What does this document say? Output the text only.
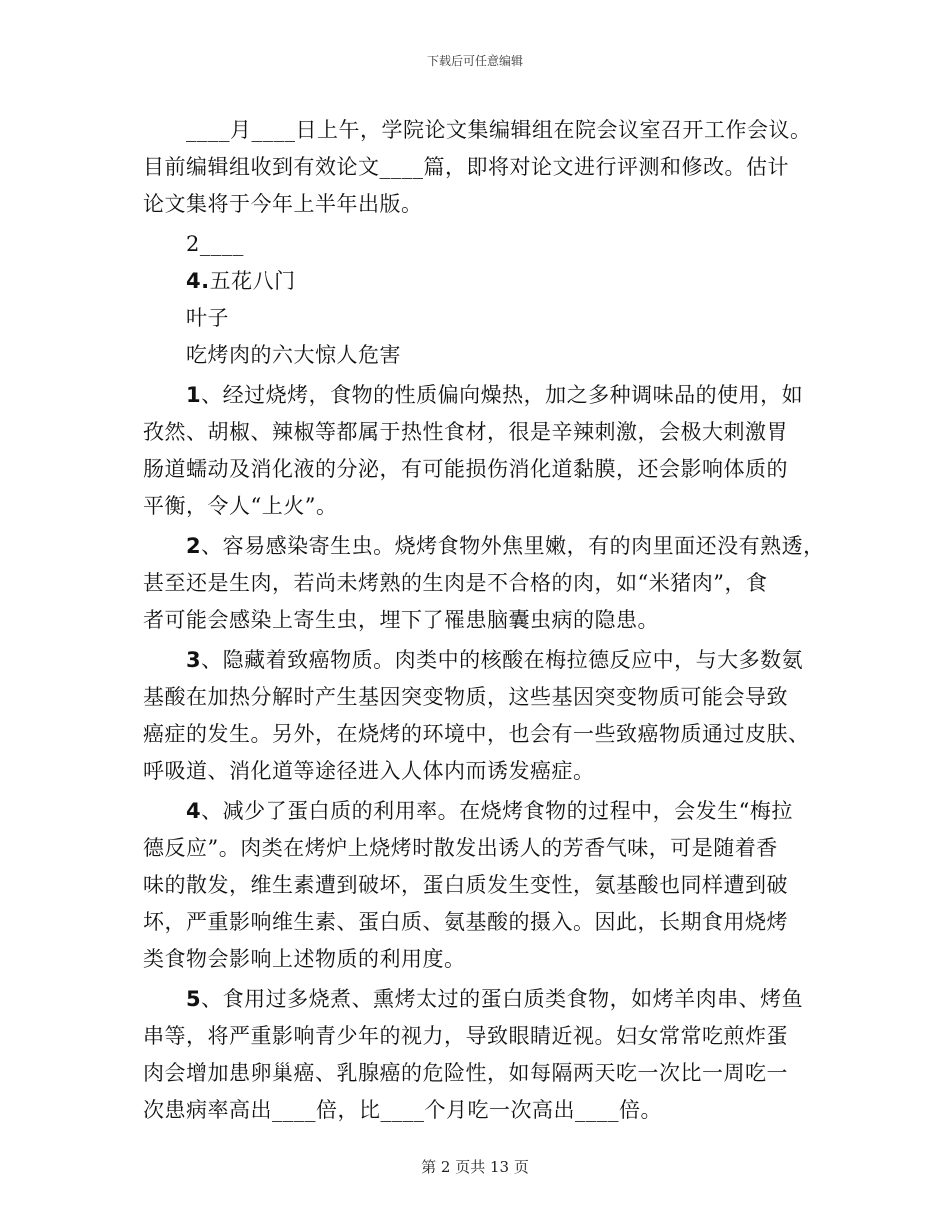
下载后可任意编辑
____月____日上午，学院论文集编辑组在院会议室召开工作会议。
目前编辑组收到有效论文____篇，即将对论文进行评测和修改。估计
论文集将于今年上半年出版。
2____
4.五花八门
叶子
吃烤肉的六大惊人危害
1、经过烧烤，食物的性质偏向燥热，加之多种调味品的使用，如
孜然、胡椒、辣椒等都属于热性食材，很是辛辣刺激，会极大刺激胃
肠道蠕动及消化液的分泌，有可能损伤消化道黏膜，还会影响体质的
平衡，令人“上火”。
2、容易感染寄生虫。烧烤食物外焦里嫩，有的肉里面还没有熟透，
甚至还是生肉，若尚未烤熟的生肉是不合格的肉，如“米猪肉”，食
者可能会感染上寄生虫，埋下了罹患脑囊虫病的隐患。
3、隐藏着致癌物质。肉类中的核酸在梅拉德反应中，与大多数氨
基酸在加热分解时产生基因突变物质，这些基因突变物质可能会导致
癌症的发生。另外，在烧烤的环境中，也会有一些致癌物质通过皮肤、
呼吸道、消化道等途径进入人体内而诱发癌症。
4、减少了蛋白质的利用率。在烧烤食物的过程中，会发生“梅拉
德反应”。肉类在烤炉上烧烤时散发出诱人的芳香气味，可是随着香
味的散发，维生素遭到破坏，蛋白质发生变性，氨基酸也同样遭到破
坏，严重影响维生素、蛋白质、氨基酸的摄入。因此，长期食用烧烤
类食物会影响上述物质的利用度。
5、食用过多烧煮、熏烤太过的蛋白质类食物，如烤羊肉串、烤鱼
串等，将严重影响青少年的视力，导致眼睛近视。妇女常常吃煎炸蛋
肉会增加患卵巢癌、乳腺癌的危险性，如每隔两天吃一次比一周吃一
次患病率高出____倍，比____个月吃一次高出____倍。
第 2 页共 13 页
